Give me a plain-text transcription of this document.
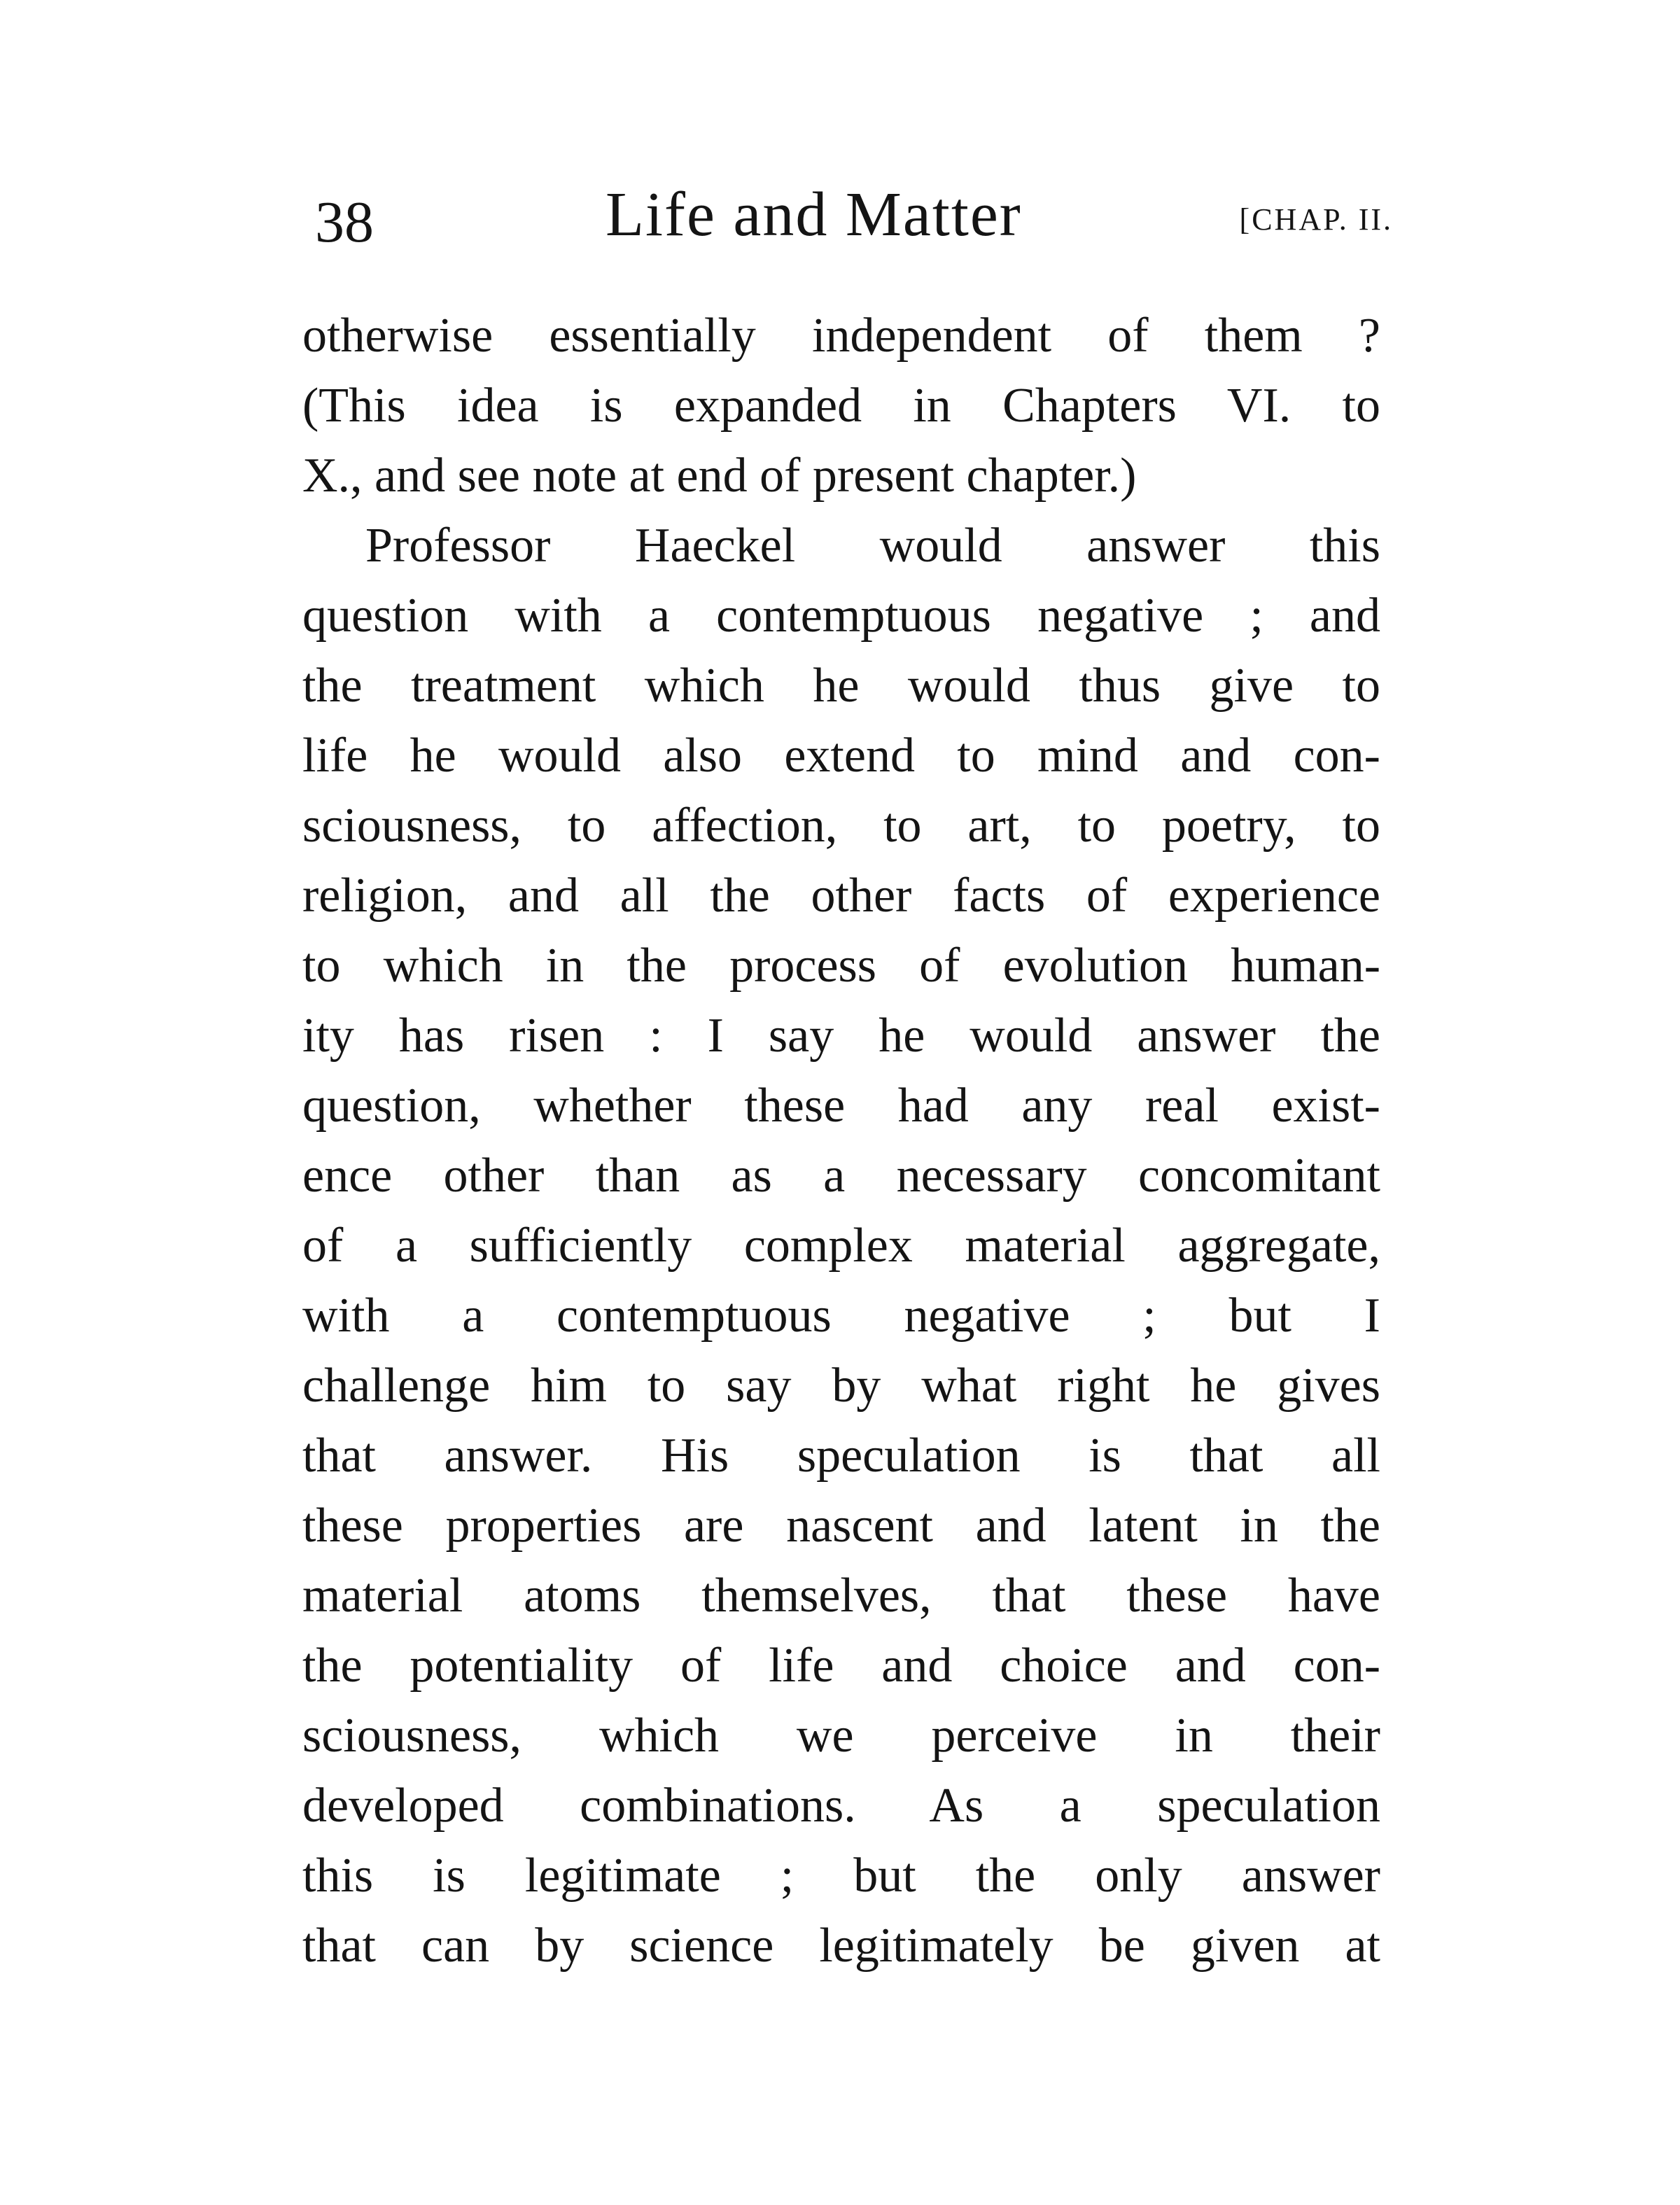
38	Life and Matter	[CHAP. II.
otherwise essentially independent of them ?
(This idea is expanded in Chapters VI. to
X., and see note at end of present chapter.)
Professor Haeckel would answer this
question with a contemptuous negative ; and
the treatment which he would thus give to
life he would also extend to mind and con-
sciousness, to affection, to art, to poetry, to
religion, and all the other facts of experience
to which in the process of evolution human-
ity has risen : I say he would answer the
question, whether these had any real exist-
ence other than as a necessary concomitant
of a sufficiently complex material aggregate,
with a contemptuous negative ; but I
challenge him to say by what right he gives
that answer. His speculation is that all
these properties are nascent and latent in the
material atoms themselves, that these have
the potentiality of life and choice and con-
sciousness, which we perceive in their
developed combinations. As a speculation
this is legitimate ; but the only answer
that can by science legitimately be given at
